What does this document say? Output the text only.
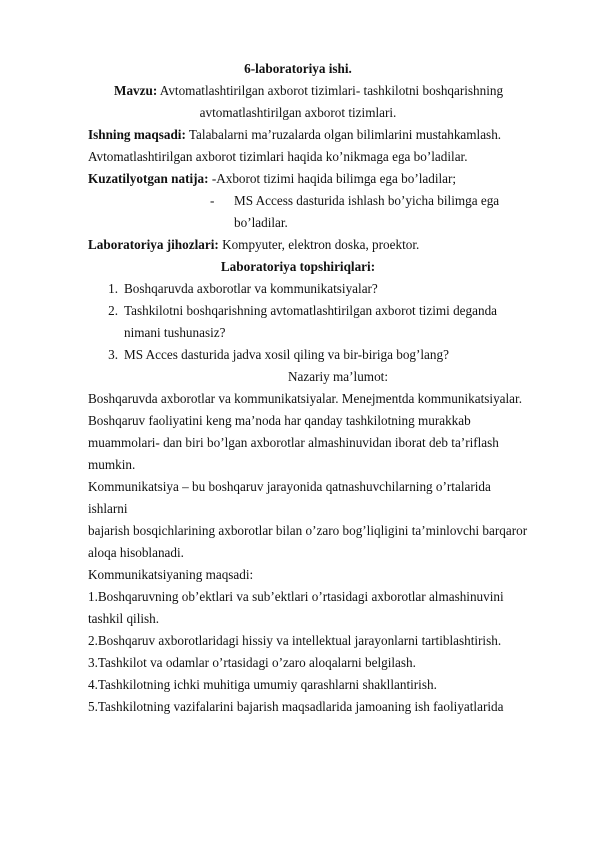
6-laboratoriya ishi.
Mavzu: Avtomatlashtirilgan axborot tizimlari- tashkilotni boshqarishning
avtomatlashtirilgan axborot tizimlari.
Ishning maqsadi: Talabalarni ma’ruzalarda olgan bilimlarini mustahkamlash.
Avtomatlashtirilgan axborot tizimlari haqida ko’nikmaga ega bo’ladilar.
Kuzatilyotgan natija: -Axborot tizimi haqida bilimga ega bo’ladilar;
-	MS Access dasturida ishlash bo’yicha bilimga ega
bo’ladilar.
Laboratoriya jihozlari: Kompyuter, elektron doska, proektor.
Laboratoriya topshiriqlari:
1. Boshqaruvda axborotlar va kommunikatsiyalar?
2. Tashkilotni boshqarishning avtomatlashtirilgan axborot tizimi deganda
nimani tushunasiz?
3. MS Acces dasturida jadva xosil qiling va bir-biriga bog’lang?
Nazariy ma’lumot:
Boshqaruvda axborotlar va kommunikatsiyalar. Menejmentda kommunikatsiyalar.
Boshqaruv faoliyatini keng ma’noda har qanday tashkilotning murakkab
muammolari- dan biri bo’lgan axborotlar almashinuvidan iborat deb ta’riflash
mumkin.
Kommunikatsiya – bu boshqaruv jarayonida qatnashuvchilarning o’rtalarida
ishlarni
bajarish bosqichlarining axborotlar bilan o’zaro bog’liqligini ta’minlovchi barqaror
aloqa hisoblanadi.
Kommunikatsiyaning maqsadi:
1.Boshqaruvning ob’ektlari va sub’ektlari o’rtasidagi axborotlar almashinuvini
tashkil qilish.
2.Boshqaruv axborotlaridagi hissiy va intellektual jarayonlarni tartiblashtirish.
3.Tashkilot va odamlar o’rtasidagi o’zaro aloqalarni belgilash.
4.Tashkilotning ichki muhitiga umumiy qarashlarni shakllantirish.
5.Tashkilotning vazifalarini bajarish maqsadlarida jamoaning ish faoliyatlarida
